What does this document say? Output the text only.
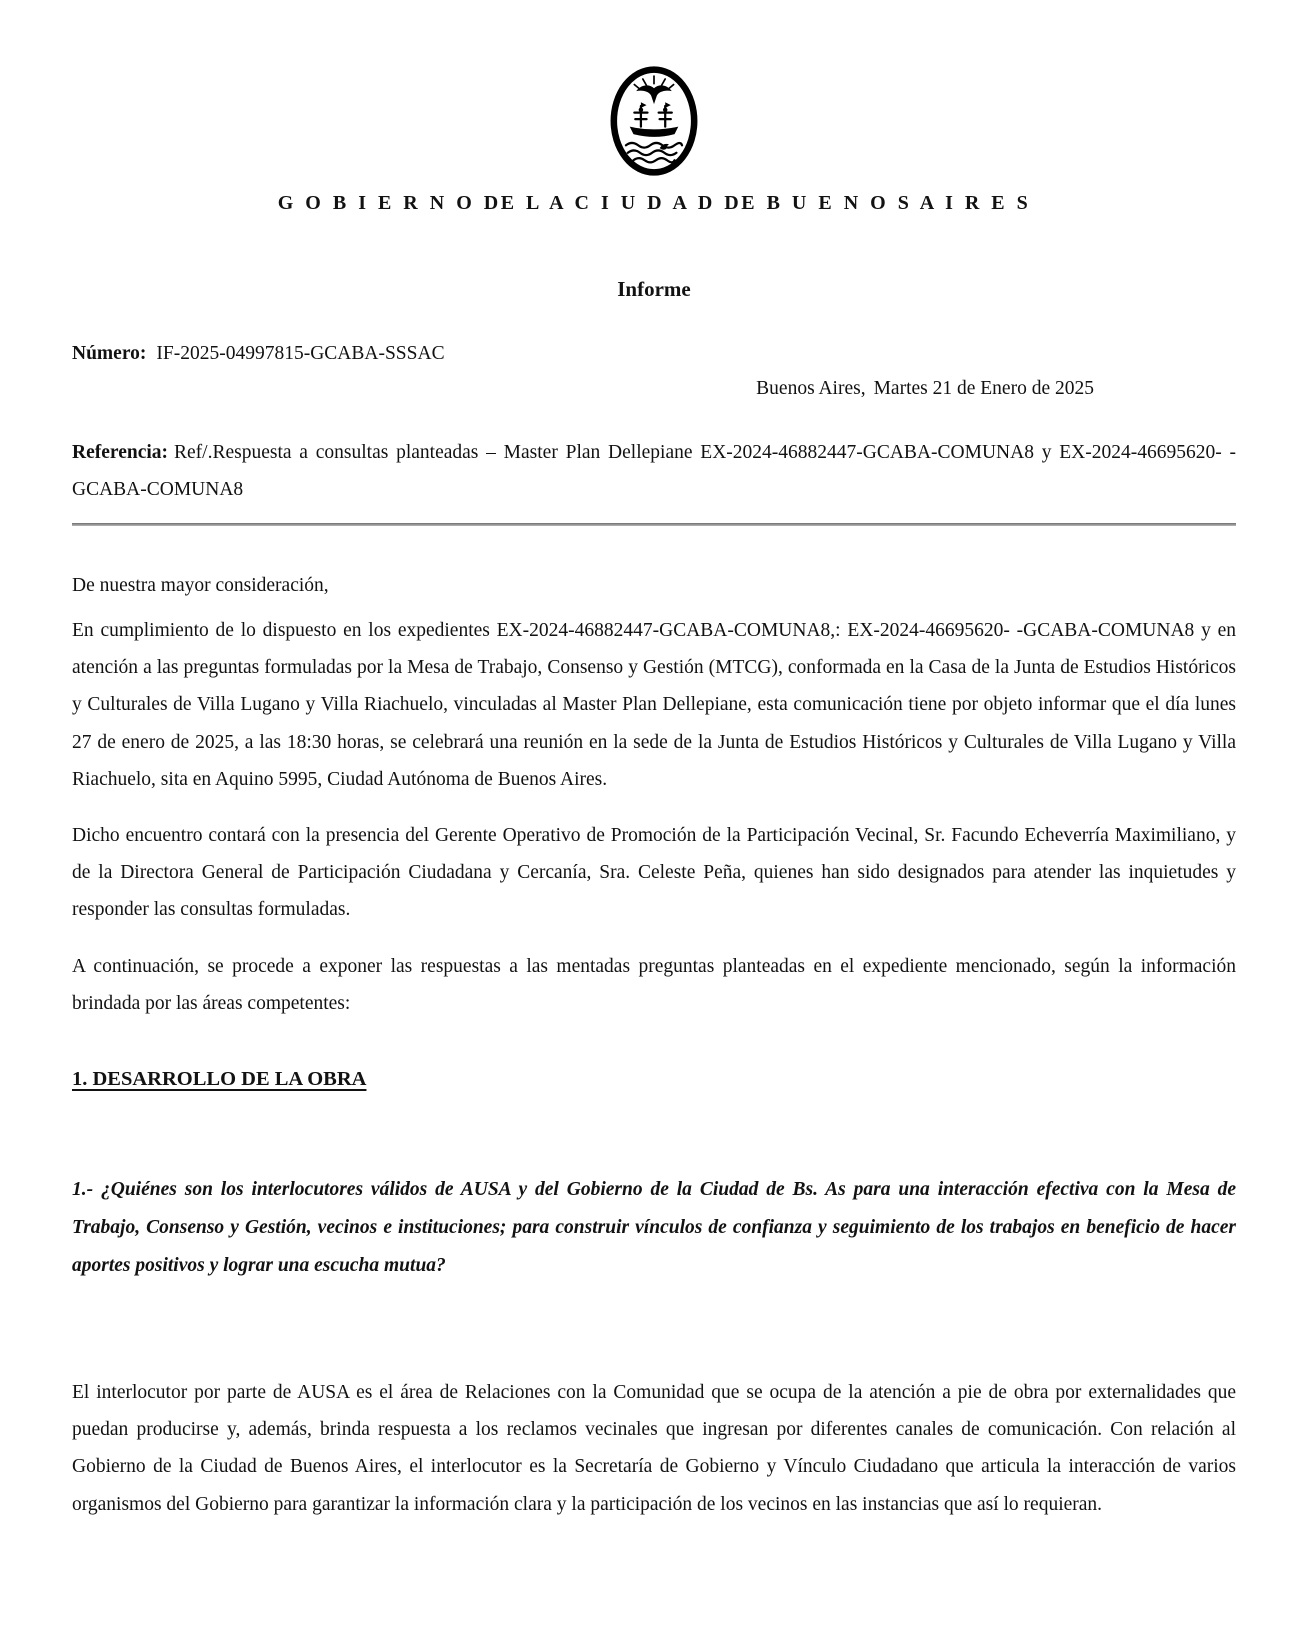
G O B I E R N O DE L A C I U D A D DE B U E N O S A I R E S
Informe
Número: IF-2025-04997815-GCABA-SSSAC
Buenos Aires, Martes 21 de Enero de 2025
Referencia: Ref/.Respuesta a consultas planteadas – Master Plan Dellepiane EX-2024-46882447-GCABA-COMUNA8 y EX-2024-46695620- -GCABA-COMUNA8
De nuestra mayor consideración,

En cumplimiento de lo dispuesto en los expedientes EX-2024-46882447-GCABA-COMUNA8,: EX-2024-46695620- -GCABA-COMUNA8 y en atención a las preguntas formuladas por la Mesa de Trabajo, Consenso y Gestión (MTCG), conformada en la Casa de la Junta de Estudios Históricos y Culturales de Villa Lugano y Villa Riachuelo, vinculadas al Master Plan Dellepiane, esta comunicación tiene por objeto informar que el día lunes 27 de enero de 2025, a las 18:30 horas, se celebrará una reunión en la sede de la Junta de Estudios Históricos y Culturales de Villa Lugano y Villa Riachuelo, sita en Aquino 5995, Ciudad Autónoma de Buenos Aires.

Dicho encuentro contará con la presencia del Gerente Operativo de Promoción de la Participación Vecinal, Sr. Facundo Echeverría Maximiliano, y de la Directora General de Participación Ciudadana y Cercanía, Sra. Celeste Peña, quienes han sido designados para atender las inquietudes y responder las consultas formuladas.

A continuación, se procede a exponer las respuestas a las mentadas preguntas planteadas en el expediente mencionado, según la información brindada por las áreas competentes:

1. DESARROLLO DE LA OBRA

1.- ¿Quiénes son los interlocutores válidos de AUSA y del Gobierno de la Ciudad de Bs. As para una interacción efectiva con la Mesa de Trabajo, Consenso y Gestión, vecinos e instituciones; para construir vínculos de confianza y seguimiento de los trabajos en beneficio de hacer aportes positivos y lograr una escucha mutua?

El interlocutor por parte de AUSA es el área de Relaciones con la Comunidad que se ocupa de la atención a pie de obra por externalidades que puedan producirse y, además, brinda respuesta a los reclamos vecinales que ingresan por diferentes canales de comunicación. Con relación al Gobierno de la Ciudad de Buenos Aires, el interlocutor es la Secretaría de Gobierno y Vínculo Ciudadano que articula la interacción de varios organismos del Gobierno para garantizar la información clara y la participación de los vecinos en las instancias que así lo requieran.
